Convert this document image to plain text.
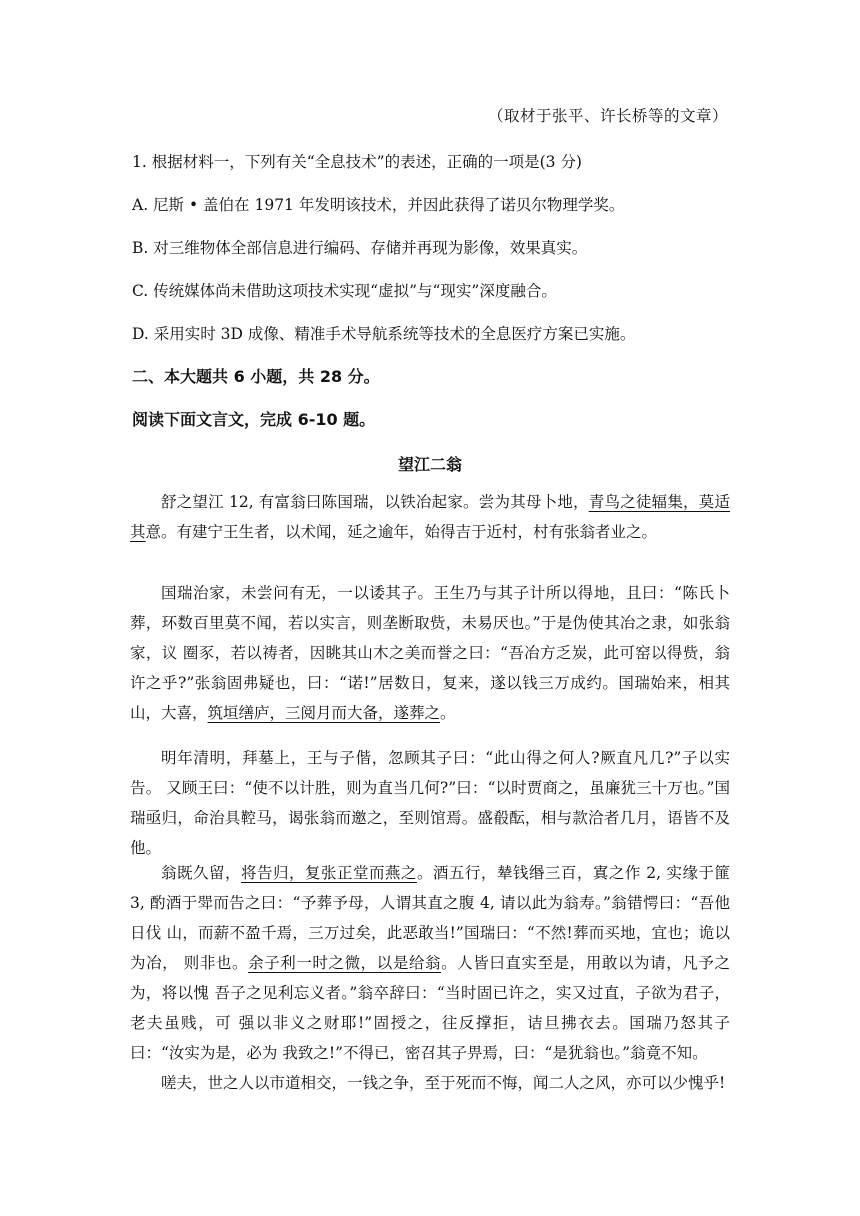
（取材于张平、许长桥等的文章）
1. 根据材料一，下列有关“全息技术”的表述，正确的一项是(3 分)
A. 尼斯 • 盖伯在 1971 年发明该技术，并因此获得了诺贝尔物理学奖。
B. 对三维物体全部信息进行编码、存储并再现为影像，效果真实。
C. 传统媒体尚未借助这项技术实现“虚拟”与“现实”深度融合。
D. 采用实时 3D 成像、精准手术导航系统等技术的全息医疗方案已实施。
二、本大题共 6 小题，共 28 分。
阅读下面文言文，完成 6-10 题。
望江二翁

舒之望江 12, 有富翁曰陈国瑞，以铁冶起家。尝为其母卜地，青鸟之徒辐集，莫适其意。有建宁王生者，以术闻，延之逾年，始得吉于近村，村有张翁者业之。

国瑞治家，未尝问有无，一以诿其子。王生乃与其子计所以得地，且曰：“陈氏卜葬，环数百里莫不闻，若以实言，则垄断取赀，未易厌也。”于是伪使其冶之隶，如张翁家，议 圈豕，若以祷者，因眺其山木之美而誉之曰：“吾冶方乏炭，此可窑以得赀，翁许之乎?”张翁固弗疑也，曰：“诺!”居数日，复来，遂以钱三万成约。国瑞始来，相其山，大喜，筑垣缮庐，三阅月而大备，遂葬之。

明年清明，拜墓上，王与子偕，忽顾其子曰：“此山得之何人?厥直凡几?”子以实告。 又顾王曰：“使不以计胜，则为直当几何?”曰：“以时贾商之，虽廉犹三十万也。”国瑞亟归，命治具鞚马，谒张翁而邀之，至则馆焉。盛殽酝，相与款洽者几月，语皆不及他。

翁既久留，将告归，复张正堂而燕之。酒五行，辇钱缗三百，寘之作 2, 实缘于篚 3, 酌酒于斝而告之曰：“予葬予母，人谓其直之腹 4, 请以此为翁寿。”翁错愕曰：“吾他日伐 山，而薪不盈千焉，三万过矣，此恶敢当!”国瑞曰：“不然!葬而买地，宜也；诡以为冶， 则非也。余子利一时之微，以是给翁。人皆曰直实至是，用敢以为请，凡予之为，将以愧 吾子之见利忘义者。”翁卒辞曰：“当时固已许之，实又过直，子欲为君子，老夫虽贱，可 强以非义之财耶!”固授之，往反撑拒，诘旦拂衣去。国瑞乃怒其子曰：“汝实为是，必为 我致之!”不得已，密召其子畀焉，曰：“是犹翁也。”翁竟不知。

嗟夫，世之人以市道相交，一钱之争，至于死而不悔，闻二人之风，亦可以少愧乎!
